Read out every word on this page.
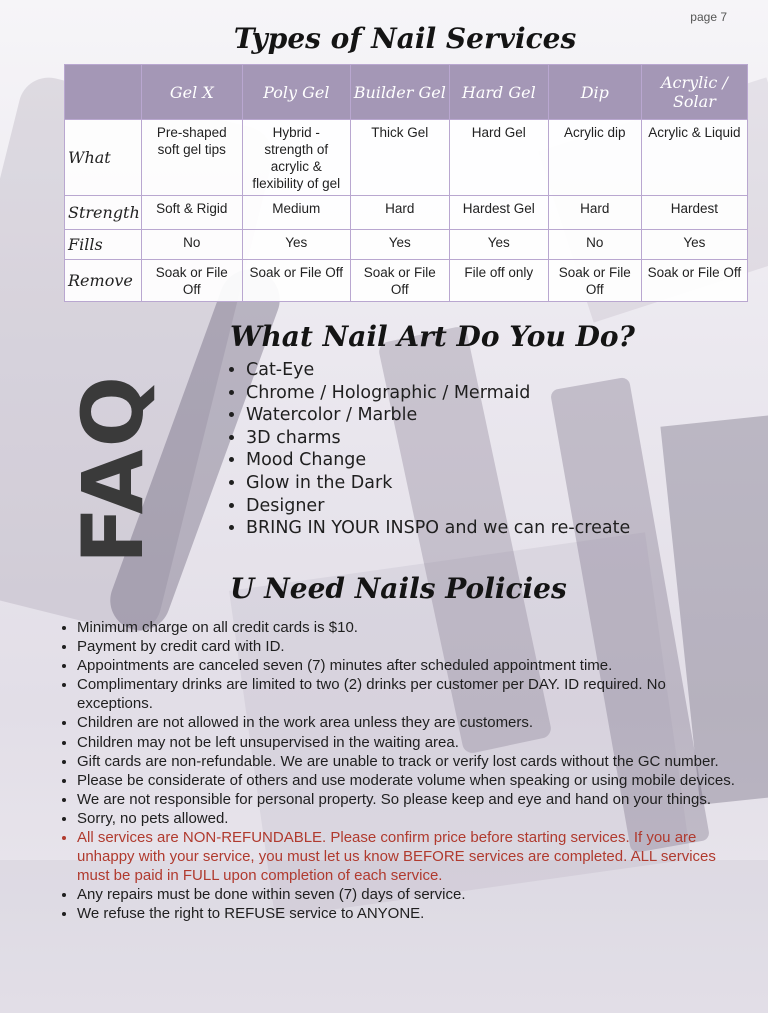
page 7
Types of Nail Services
	Gel X	Poly Gel	Builder Gel	Hard Gel	Dip	Acrylic / Solar
What	Pre-shaped soft gel tips	Hybrid - strength of acrylic & flexibility of gel	Thick Gel	Hard Gel	Acrylic dip	Acrylic & Liquid
Strength	Soft & Rigid	Medium	Hard	Hardest Gel	Hard	Hardest
Fills	No	Yes	Yes	Yes	No	Yes
Remove	Soak or File Off	Soak or File Off	Soak or File Off	File off only	Soak or File Off	Soak or File Off
FAQ
What Nail Art Do You Do?
• Cat-Eye
• Chrome / Holographic / Mermaid
• Watercolor / Marble
• 3D charms
• Mood Change
• Glow in the Dark
• Designer
• BRING IN YOUR INSPO and we can re-create
U Need Nails Policies
• Minimum charge on all credit cards is $10.
• Payment by credit card with ID.
• Appointments are canceled seven (7) minutes after scheduled appointment time.
• Complimentary drinks are limited to two (2) drinks per customer per DAY. ID required. No exceptions.
• Children are not allowed in the work area unless they are customers.
• Children may not be left unsupervised in the waiting area.
• Gift cards are non-refundable. We are unable to track or verify lost cards without the GC number.
• Please be considerate of others and use moderate volume when speaking or using mobile devices.
• We are not responsible for personal property. So please keep and eye and hand on your things.
• Sorry, no pets allowed.
• All services are NON-REFUNDABLE. Please confirm price before starting services. If you are unhappy with your service, you must let us know BEFORE services are completed. ALL services must be paid in FULL upon completion of each service.
• Any repairs must be done within seven (7) days of service.
• We refuse the right to REFUSE service to ANYONE.
